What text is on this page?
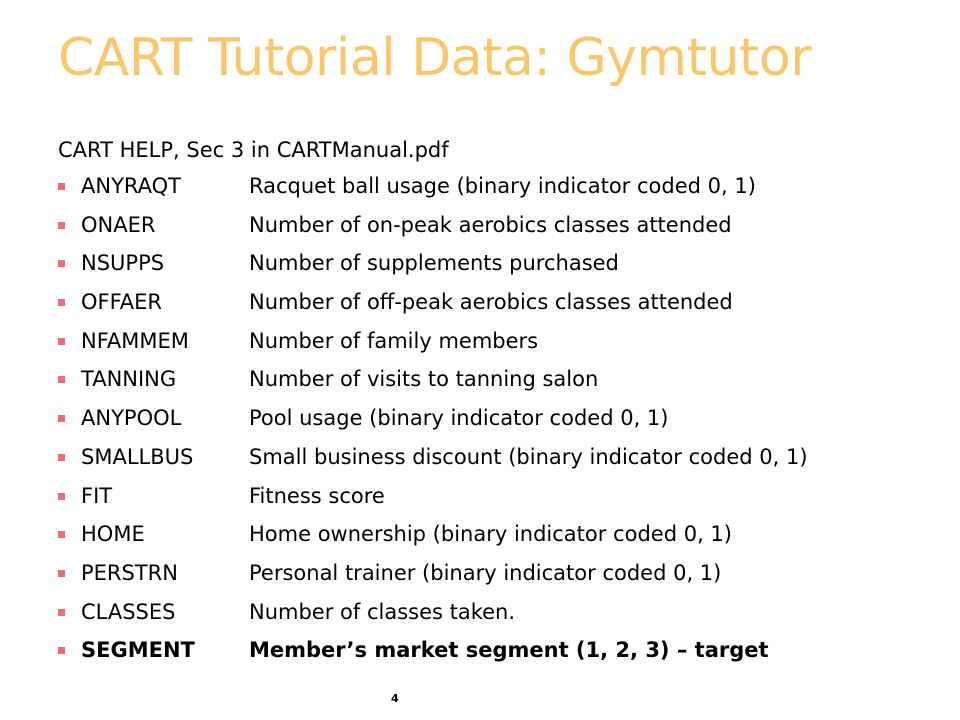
CART Tutorial Data: Gymtutor
CART HELP, Sec 3 in CARTManual.pdf
ANYRAQT	Racquet ball usage (binary indicator coded 0, 1)
ONAER	Number of on-peak aerobics classes attended
NSUPPS	Number of supplements purchased
OFFAER	Number of off-peak aerobics classes attended
NFAMMEM	Number of family members
TANNING	Number of visits to tanning salon
ANYPOOL	Pool usage (binary indicator coded 0, 1)
SMALLBUS	Small business discount (binary indicator coded 0, 1)
FIT	Fitness score
HOME	Home ownership (binary indicator coded 0, 1)
PERSTRN	Personal trainer (binary indicator coded 0, 1)
CLASSES	Number of classes taken.
SEGMENT	Member’s market segment (1, 2, 3) – target
4
